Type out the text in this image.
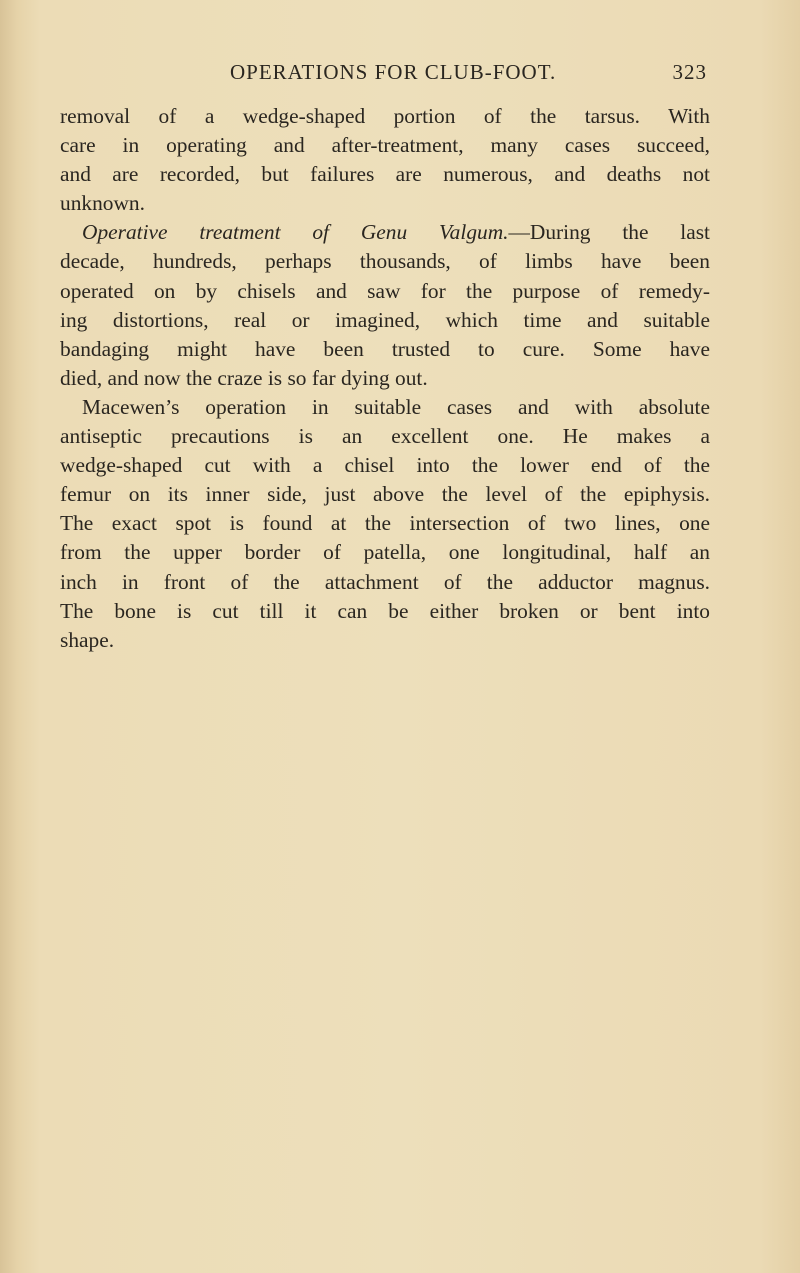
OPERATIONS FOR CLUB-FOOT.	323

removal of a wedge-shaped portion of the tarsus. With
care in operating and after-treatment, many cases succeed,
and are recorded, but failures are numerous, and deaths not
unknown.

Operative treatment of Genu Valgum.—During the last
decade, hundreds, perhaps thousands, of limbs have been
operated on by chisels and saw for the purpose of remedy-
ing distortions, real or imagined, which time and suitable
bandaging might have been trusted to cure. Some have
died, and now the craze is so far dying out.

Macewen’s operation in suitable cases and with absolute
antiseptic precautions is an excellent one. He makes a
wedge-shaped cut with a chisel into the lower end of the
femur on its inner side, just above the level of the epiphysis.
The exact spot is found at the intersection of two lines, one
from the upper border of patella, one longitudinal, half an
inch in front of the attachment of the adductor magnus.
The bone is cut till it can be either broken or bent into
shape.
